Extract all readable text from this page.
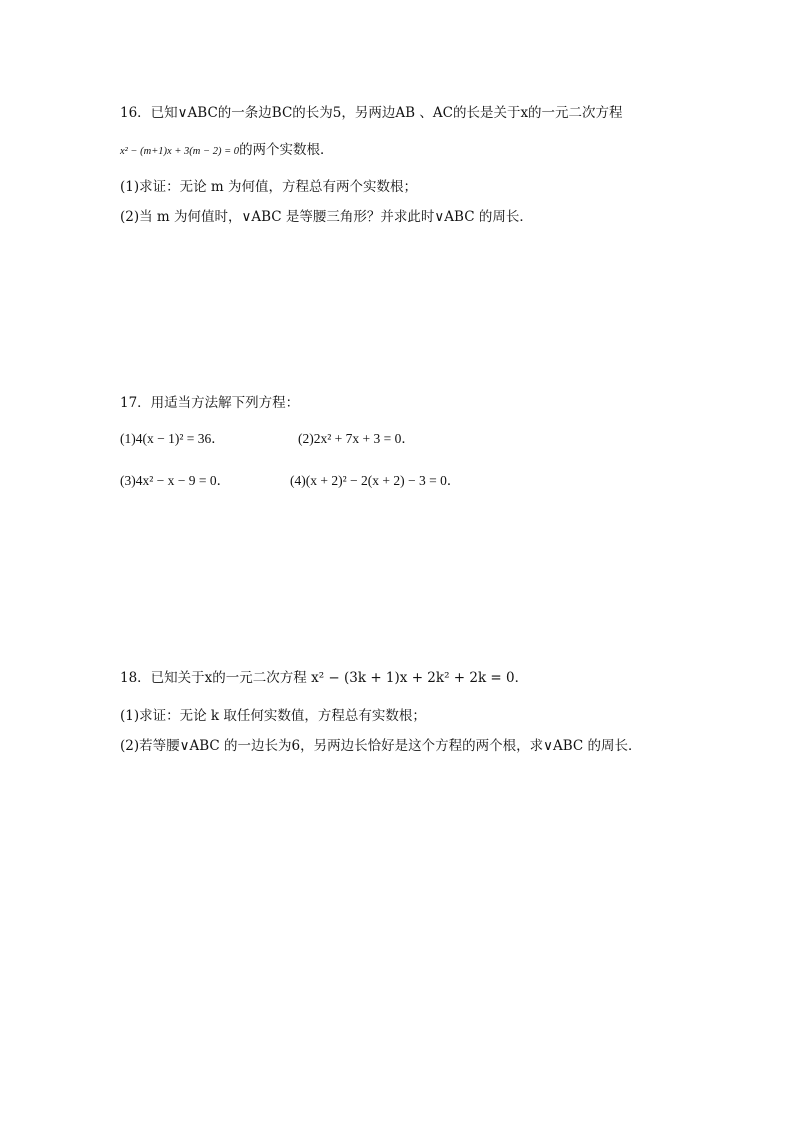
16．已知∨ABC的一条边BC的长为5，另两边AB 、AC的长是关于x的一元二次方程
x² − (m+1)x + 3(m − 2) = 0的两个实数根．
(1)求证：无论 m 为何值，方程总有两个实数根；
(2)当 m 为何值时，∨ABC 是等腰三角形？并求此时∨ABC 的周长．
17．用适当方法解下列方程：
(1)4(x − 1)² = 36．	(2)2x² + 7x + 3 = 0．
(3)4x² − x − 9 = 0．	(4)(x + 2)² − 2(x + 2) − 3 = 0．
18．已知关于x的一元二次方程 x² − (3k + 1)x + 2k² + 2k = 0．
(1)求证：无论 k 取任何实数值，方程总有实数根；
(2)若等腰∨ABC 的一边长为6，另两边长恰好是这个方程的两个根，求∨ABC 的周长．
